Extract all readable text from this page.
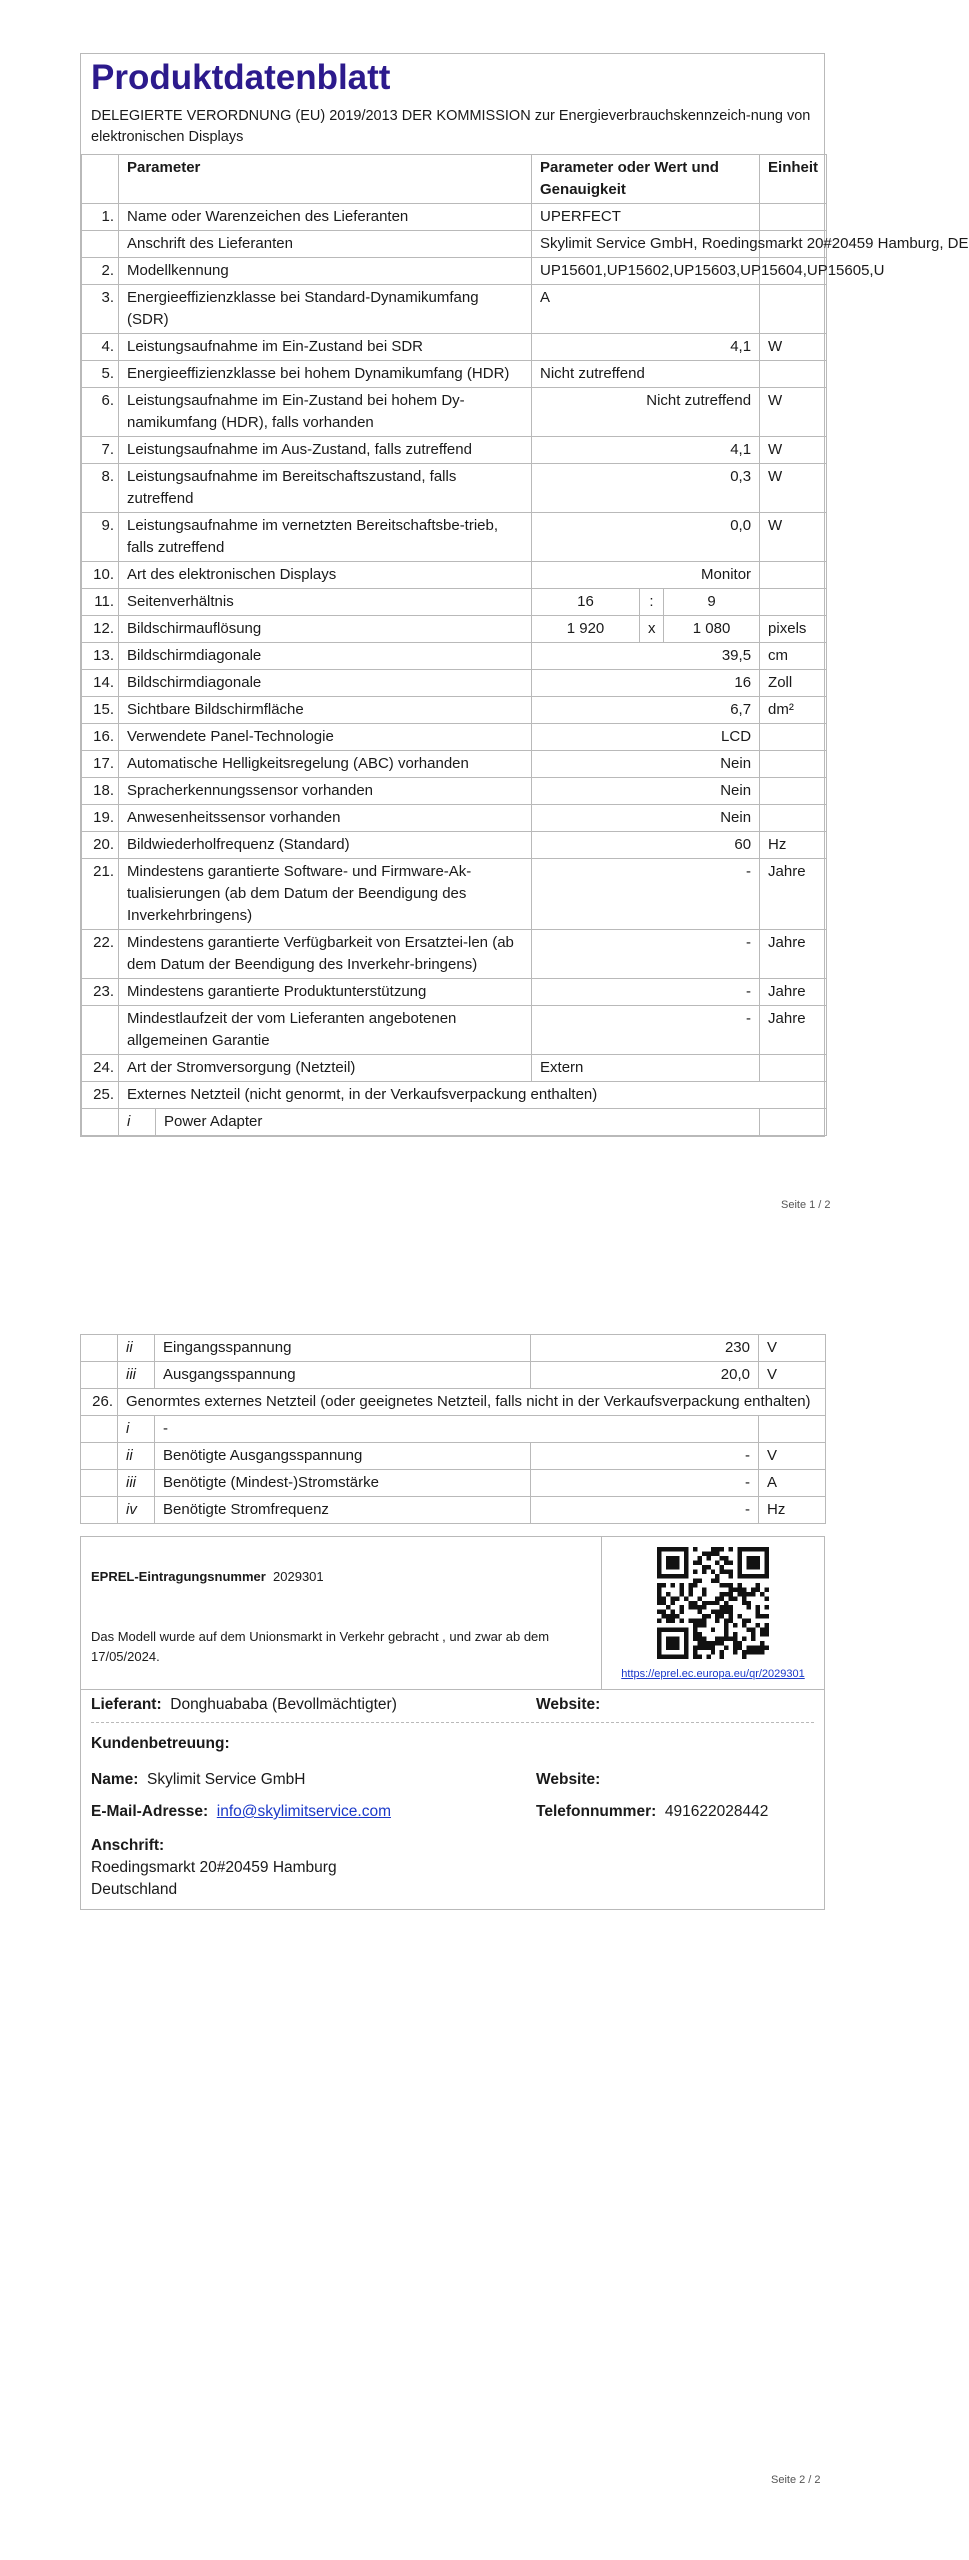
Produktdatenblatt
DELEGIERTE VERORDNUNG (EU) 2019/2013 DER KOMMISSION zur Energieverbrauchskennzeich-nung von elektronischen Displays
	Parameter		Parameter oder Wert und Genauigkeit			Einheit
1.	Name oder Warenzeichen des Lieferanten		UPERFECT			
	Anschrift des Lieferanten		Skylimit Service GmbH, Roedingsmarkt 20#20459 Hamburg, DE			
2.	Modellkennung		UP15601,UP15602,UP15603,UP15604,UP15605,U			
3.	Energieeffizienzklasse bei Standard-Dynamikumfang (SDR)		A			
4.	Leistungsaufnahme im Ein-Zustand bei SDR		4,1			W
5.	Energieeffizienzklasse bei hohem Dynamikumfang (HDR)		Nicht zutreffend			
6.	Leistungsaufnahme im Ein-Zustand bei hohem Dy-namikumfang (HDR), falls vorhanden		Nicht zutreffend			W
7.	Leistungsaufnahme im Aus-Zustand, falls zutreffend		4,1			W
8.	Leistungsaufnahme im Bereitschaftszustand, falls zutreffend		0,3			W
9.	Leistungsaufnahme im vernetzten Bereitschaftsbe-trieb, falls zutreffend		0,0			W
10.	Art des elektronischen Displays		Monitor			
11.	Seitenverhältnis		16	:	9	
12.	Bildschirmauflösung		1 920	x	1 080	pixels
13.	Bildschirmdiagonale		39,5			cm
14.	Bildschirmdiagonale		16			Zoll
15.	Sichtbare Bildschirmfläche		6,7			dm²
16.	Verwendete Panel-Technologie		LCD			
17.	Automatische Helligkeitsregelung (ABC) vorhanden		Nein			
18.	Spracherkennungssensor vorhanden		Nein			
19.	Anwesenheitssensor vorhanden		Nein			
20.	Bildwiederholfrequenz (Standard)		60			Hz
21.	Mindestens garantierte Software- und Firmware-Ak-tualisierungen (ab dem Datum der Beendigung des Inverkehrbringens)		-			Jahre
22.	Mindestens garantierte Verfügbarkeit von Ersatztei-len (ab dem Datum der Beendigung des Inverkehr-bringens)		-			Jahre
23.	Mindestens garantierte Produktunterstützung		-			Jahre
	Mindestlaufzeit der vom Lieferanten angebotenen allgemeinen Garantie		-			Jahre
24.	Art der Stromversorgung (Netzteil)		Extern			
25.	Externes Netzteil (nicht genormt, in der Verkaufsverpackung enthalten)					
	i	Power Adapter				
Seite 1 / 2
	ii	Eingangsspannung	230	V
	iii	Ausgangsspannung	20,0	V
26.	Genormtes externes Netzteil (oder geeignetes Netzteil, falls nicht in der Verkaufsverpackung enthalten)			
	i	-		
	ii	Benötigte Ausgangsspannung	-	V
	iii	Benötigte (Mindest-)Stromstärke	-	A
	iv	Benötigte Stromfrequenz	-	Hz
EPREL-Eintragungsnummer 2029301
Das Modell wurde auf dem Unionsmarkt in Verkehr gebracht , und zwar ab dem 17/05/2024.
https://eprel.ec.europa.eu/qr/2029301
Lieferant: Donghuababa (Bevollmächtigter)	Website:
Kundenbetreuung:
Name: Skylimit Service GmbH	Website:
E-Mail-Adresse: info@skylimitservice.com	Telefonnummer: 491622028442
Anschrift:
Roedingsmarkt 20#20459 Hamburg
Deutschland
Seite 2 / 2
